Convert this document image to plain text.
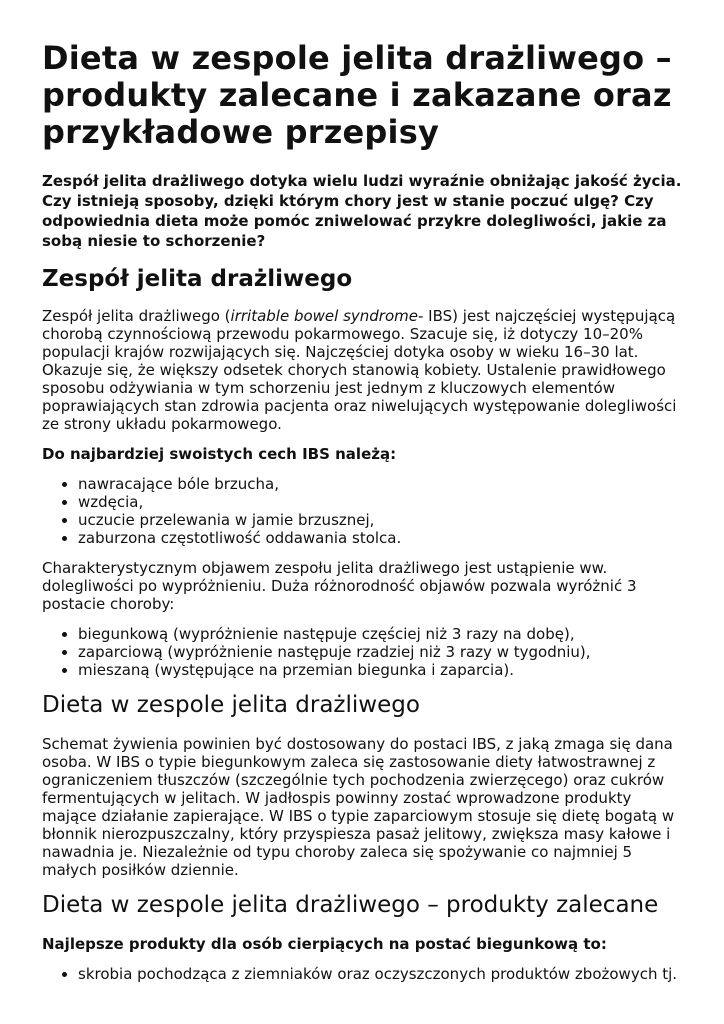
Dieta w zespole jelita drażliwego – produkty zalecane i zakazane oraz przykładowe przepisy

Zespół jelita drażliwego dotyka wielu ludzi wyraźnie obniżając jakość życia. Czy istnieją sposoby, dzięki którym chory jest w stanie poczuć ulgę? Czy odpowiednia dieta może pomóc zniwelować przykre dolegliwości, jakie za sobą niesie to schorzenie?

Zespół jelita drażliwego

Zespół jelita drażliwego (irritable bowel syndrome- IBS) jest najczęściej występującą chorobą czynnościową przewodu pokarmowego. Szacuje się, iż dotyczy 10–20% populacji krajów rozwijających się. Najczęściej dotyka osoby w wieku 16–30 lat. Okazuje się, że większy odsetek chorych stanowią kobiety. Ustalenie prawidłowego sposobu odżywiania w tym schorzeniu jest jednym z kluczowych elementów poprawiających stan zdrowia pacjenta oraz niwelujących występowanie dolegliwości ze strony układu pokarmowego.

Do najbardziej swoistych cech IBS należą:

nawracające bóle brzucha,
wzdęcia,
uczucie przelewania w jamie brzusznej,
zaburzona częstotliwość oddawania stolca.

Charakterystycznym objawem zespołu jelita drażliwego jest ustąpienie ww. dolegliwości po wypróżnieniu. Duża różnorodność objawów pozwala wyróżnić 3 postacie choroby:

biegunkową (wypróżnienie następuje częściej niż 3 razy na dobę),
zaparciową (wypróżnienie następuje rzadziej niż 3 razy w tygodniu),
mieszaną (występujące na przemian biegunka i zaparcia).
Dieta w zespole jelita drażliwego

Schemat żywienia powinien być dostosowany do postaci IBS, z jaką zmaga się dana osoba. W IBS o typie biegunkowym zaleca się zastosowanie diety łatwostrawnej z ograniczeniem tłuszczów (szczególnie tych pochodzenia zwierzęcego) oraz cukrów fermentujących w jelitach. W jadłospis powinny zostać wprowadzone produkty mające działanie zapierające. W IBS o typie zaparciowym stosuje się dietę bogatą w błonnik nierozpuszczalny, który przyspiesza pasaż jelitowy, zwiększa masy kałowe i nawadnia je. Niezależnie od typu choroby zaleca się spożywanie co najmniej 5 małych posiłków dziennie.

Dieta w zespole jelita drażliwego – produkty zalecane

Najlepsze produkty dla osób cierpiących na postać biegunkową to:

skrobia pochodząca z ziemniaków oraz oczyszczonych produktów zbożowych tj.
